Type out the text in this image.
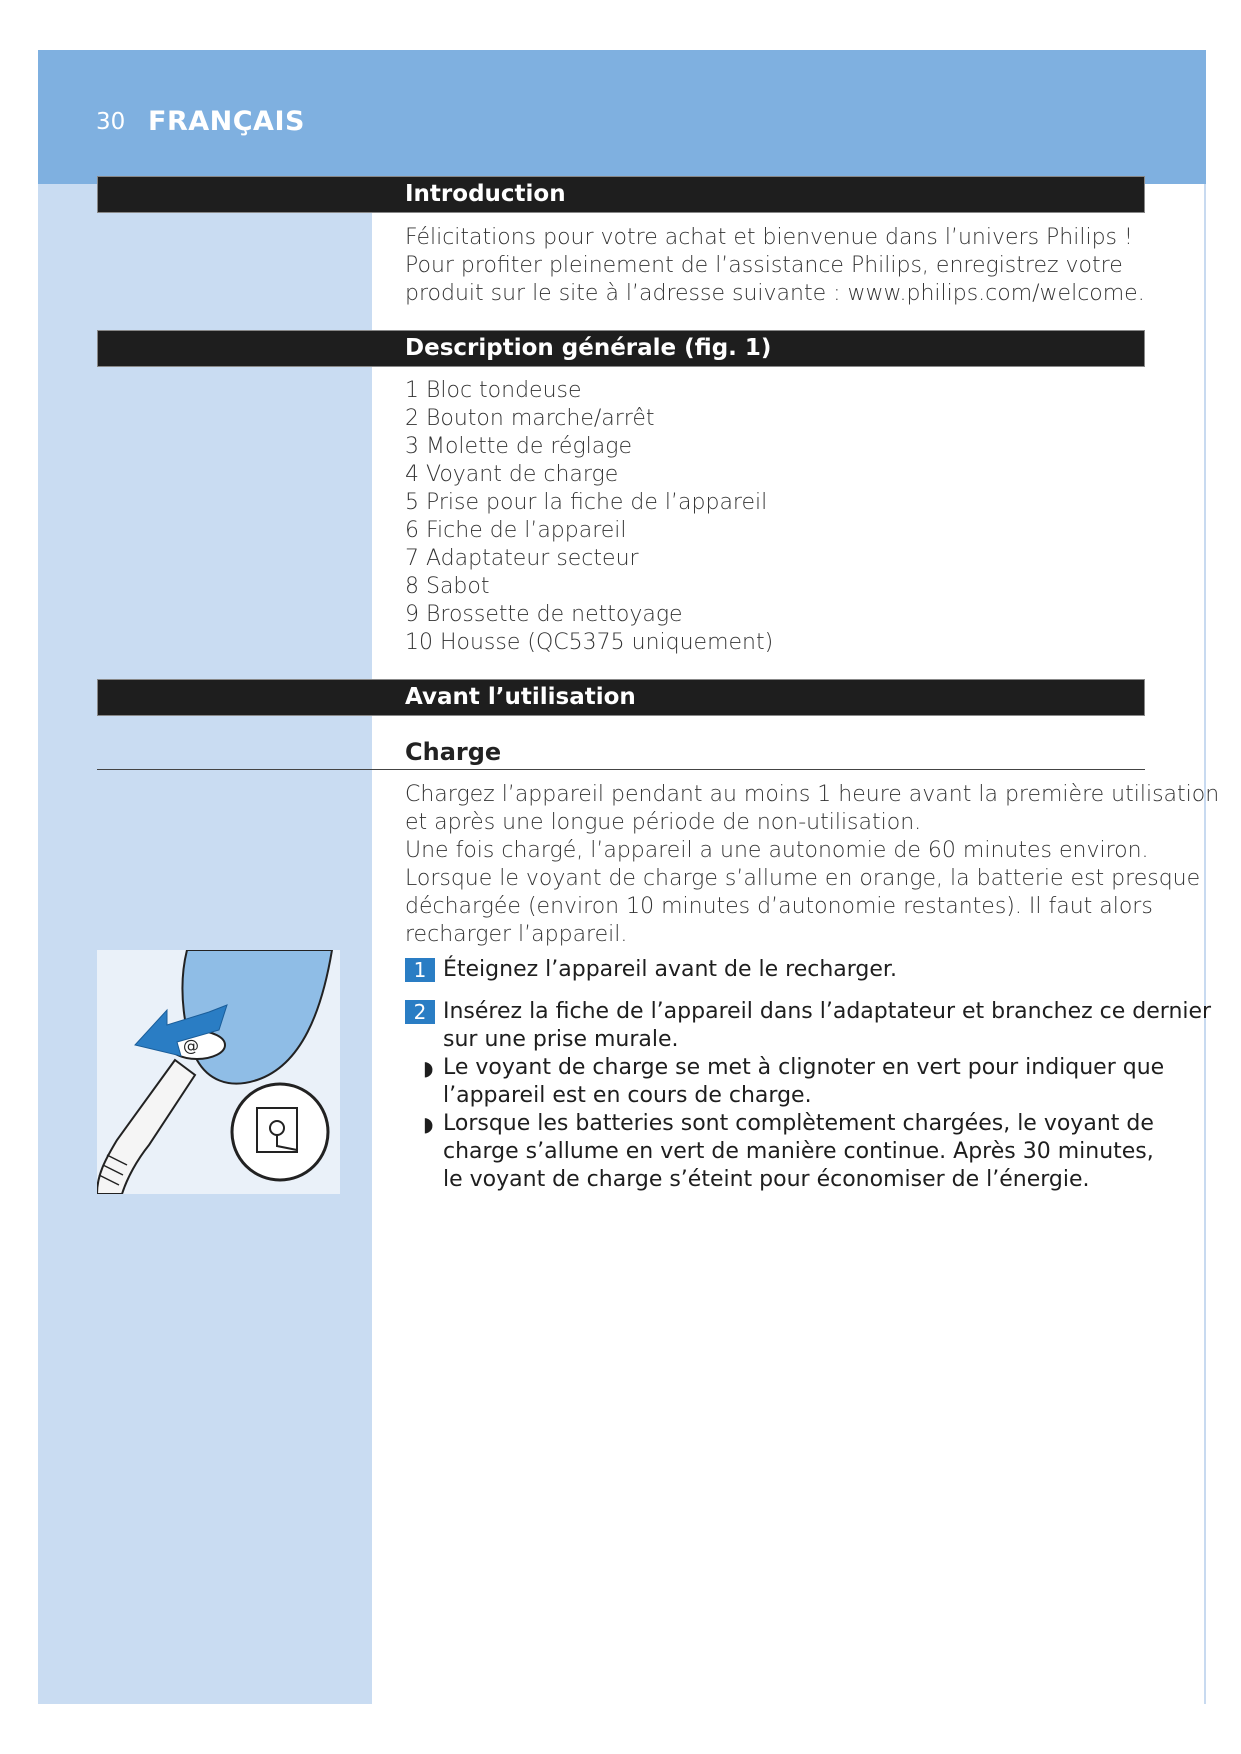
30 FRANÇAIS
Introduction
Félicitations pour votre achat et bienvenue dans l’univers Philips !
Pour profiter pleinement de l’assistance Philips, enregistrez votre
produit sur le site à l’adresse suivante : www.philips.com/welcome.
Description générale (fig. 1)
1 Bloc tondeuse
2 Bouton marche/arrêt
3 Molette de réglage
4 Voyant de charge
5 Prise pour la fiche de l’appareil
6 Fiche de l’appareil
7 Adaptateur secteur
8 Sabot
9 Brossette de nettoyage
10 Housse (QC5375 uniquement)
Avant l’utilisation
Charge
Chargez l’appareil pendant au moins 1 heure avant la première utilisation
et après une longue période de non-utilisation.
Une fois chargé, l’appareil a une autonomie de 60 minutes environ.
Lorsque le voyant de charge s’allume en orange, la batterie est presque
déchargée (environ 10 minutes d’autonomie restantes). Il faut alors
recharger l’appareil.
@
1 Éteignez l’appareil avant de le recharger.
2 Insérez la fiche de l’appareil dans l’adaptateur et branchez ce dernier
sur une prise murale.
◗ Le voyant de charge se met à clignoter en vert pour indiquer que
l’appareil est en cours de charge.
◗ Lorsque les batteries sont complètement chargées, le voyant de
charge s’allume en vert de manière continue. Après 30 minutes,
le voyant de charge s’éteint pour économiser de l’énergie.
